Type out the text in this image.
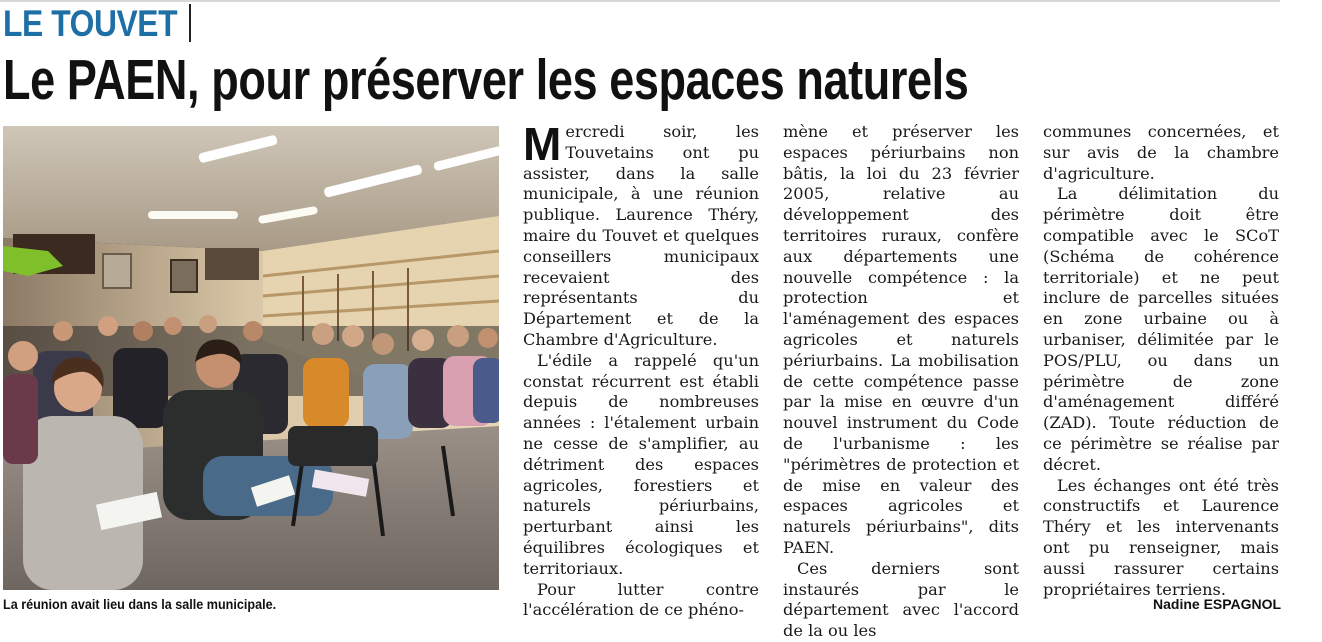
LE TOUVET
Le PAEN, pour préserver les espaces naturels
La réunion avait lieu dans la salle municipale.

Mercredi soir, les Touvetains ont pu assister, dans la salle municipale, à une réunion publique. Laurence Théry, maire du Touvet et quelques conseillers municipaux recevaient des représentants du Département et de la Chambre d'Agriculture.

L'édile a rappelé qu'un constat récurrent est établi depuis de nombreuses années : l'étalement urbain ne cesse de s'amplifier, au détriment des espaces agricoles, forestiers et naturels périurbains, perturbant ainsi les équilibres écologiques et territoriaux.

Pour lutter contre l'accélération de ce phéno-

mène et préserver les espaces périurbains non bâtis, la loi du 23 février 2005, relative au développement des territoires ruraux, confère aux départements une nouvelle compétence : la protection et l'aménagement des espaces agricoles et naturels périurbains. La mobilisation de cette compétence passe par la mise en œuvre d'un nouvel instrument du Code de l'urbanisme : les "périmètres de protection et de mise en valeur des espaces agricoles et naturels périurbains", dits PAEN.

Ces derniers sont instaurés par le département avec l'accord de la ou les

communes concernées, et sur avis de la chambre d'agriculture.

La délimitation du périmètre doit être compatible avec le SCoT (Schéma de cohérence territoriale) et ne peut inclure de parcelles situées en zone urbaine ou à urbaniser, délimitée par le POS/PLU, ou dans un périmètre de zone d'aménagement différé (ZAD). Toute réduction de ce périmètre se réalise par décret.

Les échanges ont été très constructifs et Laurence Théry et les intervenants ont pu renseigner, mais aussi rassurer certains propriétaires terriens.

Nadine ESPAGNOL
